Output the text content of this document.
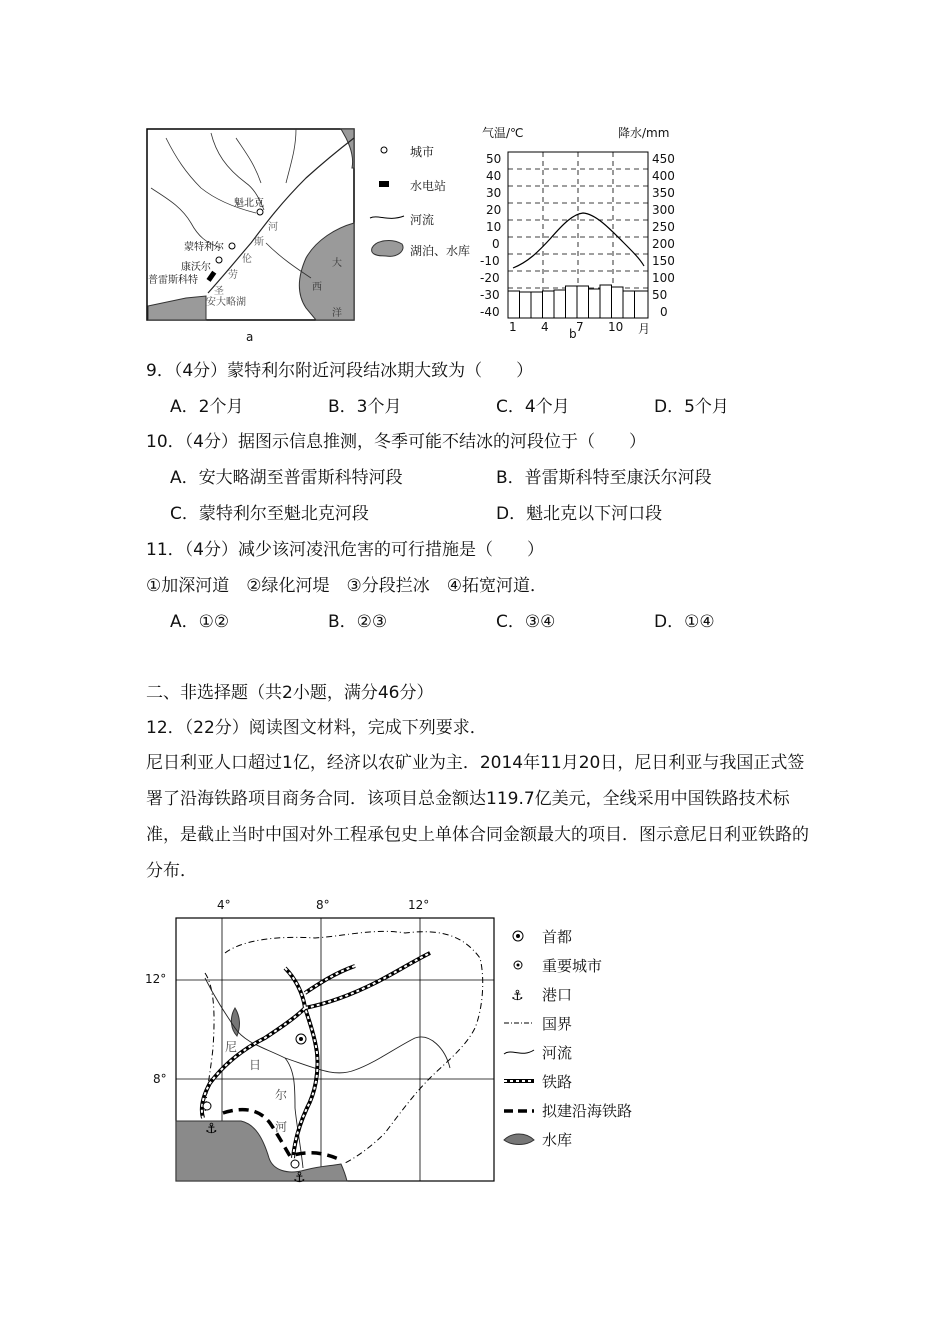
魁北克
蒙特利尔
康沃尔
普雷斯科特
河
斯
伦
劳
圣
安大略湖
大
西
洋
a
城市
水电站
河流
湖泊、水库
气温/℃	降水/mm
50
40
30
20
10
0
-10
-20
-30
-40
450
400
350
300
250
200
150
100
50
0
1 4 7 10 月
b
9．（4分）蒙特利尔附近河段结冰期大致为（　　）
A．2个月	B．3个月	C．4个月	D．5个月
10．（4分）据图示信息推测，冬季可能不结冰的河段位于（　　）
A．安大略湖至普雷斯科特河段	B．普雷斯科特至康沃尔河段
C．蒙特利尔至魁北克河段	D．魁北克以下河口段
11．（4分）减少该河凌汛危害的可行措施是（　　）
①加深河道　②绿化河堤　③分段拦冰　④拓宽河道．
A．①②	B．②③	C．③④	D．①④
二、非选择题（共2小题，满分46分）
12．（22分）阅读图文材料，完成下列要求．
尼日利亚人口超过1亿，经济以农矿业为主．2014年11月20日，尼日利亚与我国正式签署了沿海铁路项目商务合同．该项目总金额达119.7亿美元，全线采用中国铁路技术标准，是截止当时中国对外工程承包史上单体合同金额最大的项目．图示意尼日利亚铁路的分布．
⚓
⚓
4°	8°	12°
12°
8°
尼
日
尔
河
⚓
首都
重要城市
港口
国界
河流
铁路
拟建沿海铁路
水库
